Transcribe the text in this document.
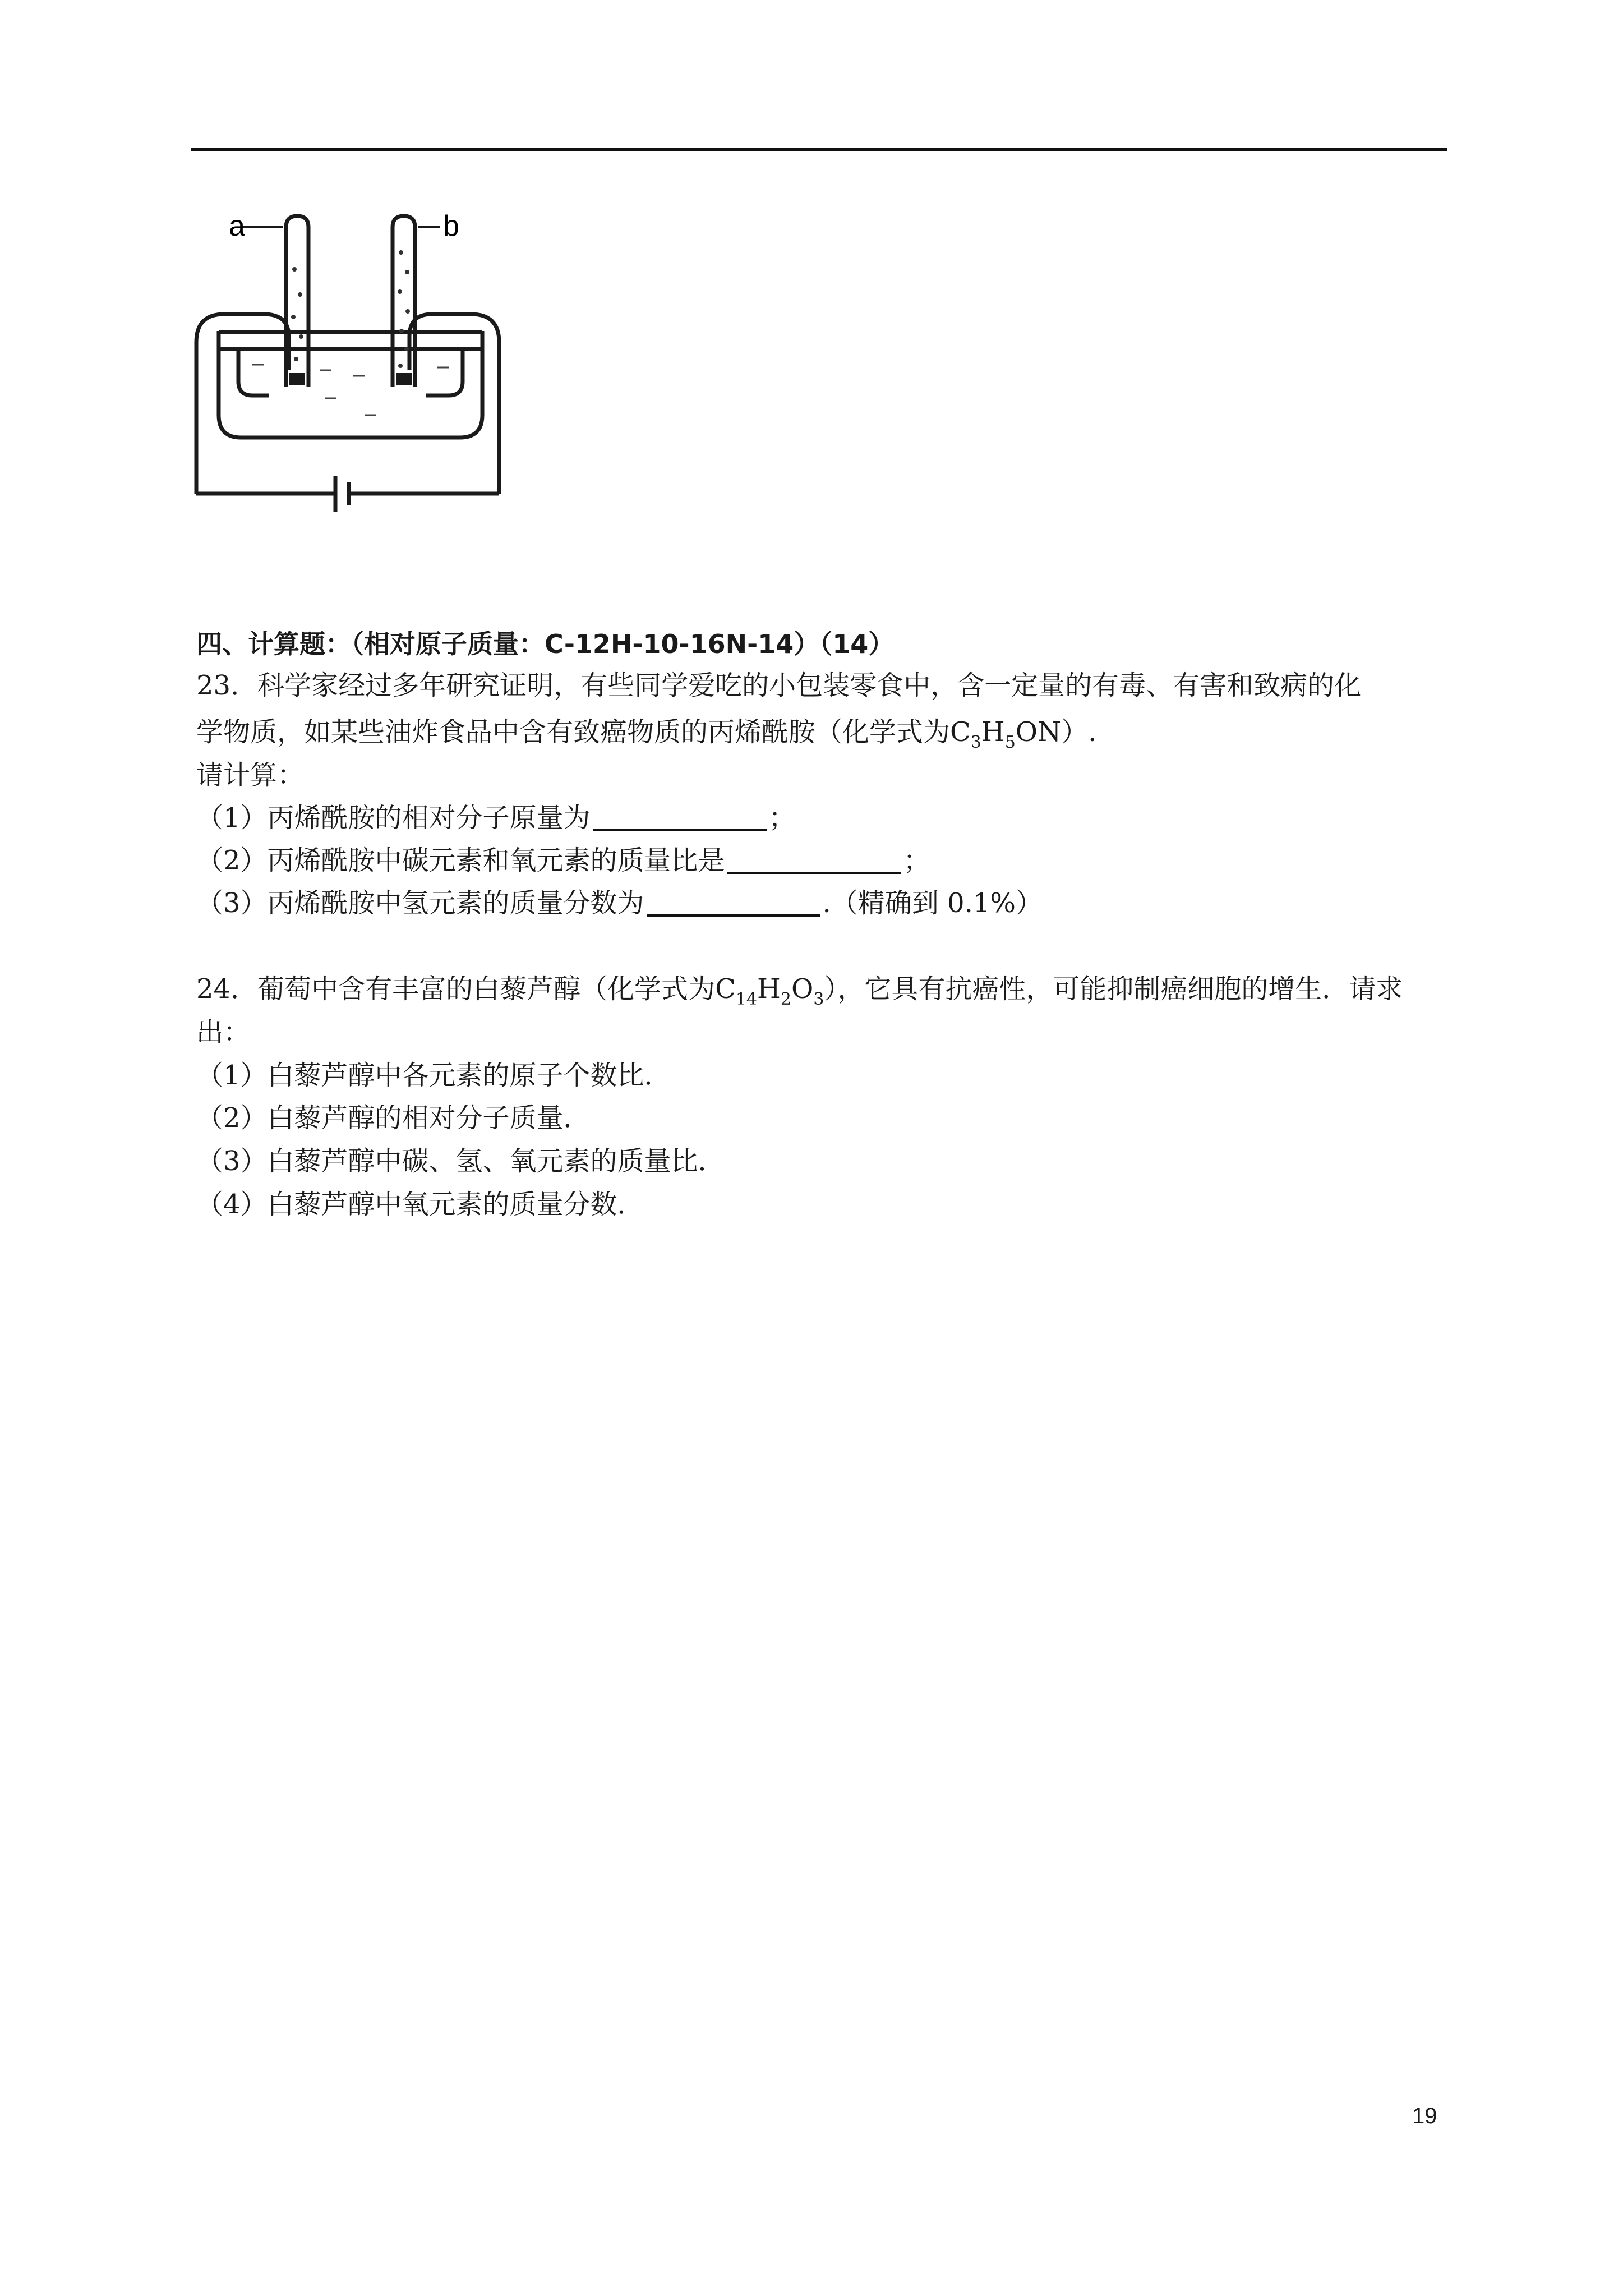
a	b
四、计算题：（相对原子质量：C-12H-10-16N-14）（14）
23．科学家经过多年研究证明，有些同学爱吃的小包装零食中，含一定量的有毒、有害和致病的化
学物质，如某些油炸食品中含有致癌物质的丙烯酰胺（化学式为$C_3H_5ON$）.
请计算：
（1）丙烯酰胺的相对分子原量为	；
（2）丙烯酰胺中碳元素和氧元素的质量比是	；
（3）丙烯酰胺中氢元素的质量分数为	.（精确到 0.1%）
24．葡萄中含有丰富的白藜芦醇（化学式为$C_{14}H_2O_3$），它具有抗癌性，可能抑制癌细胞的增生．请求
出：
（1）白藜芦醇中各元素的原子个数比．
（2）白藜芦醇的相对分子质量．
（3）白藜芦醇中碳、氢、氧元素的质量比．
（4）白藜芦醇中氧元素的质量分数．
19
